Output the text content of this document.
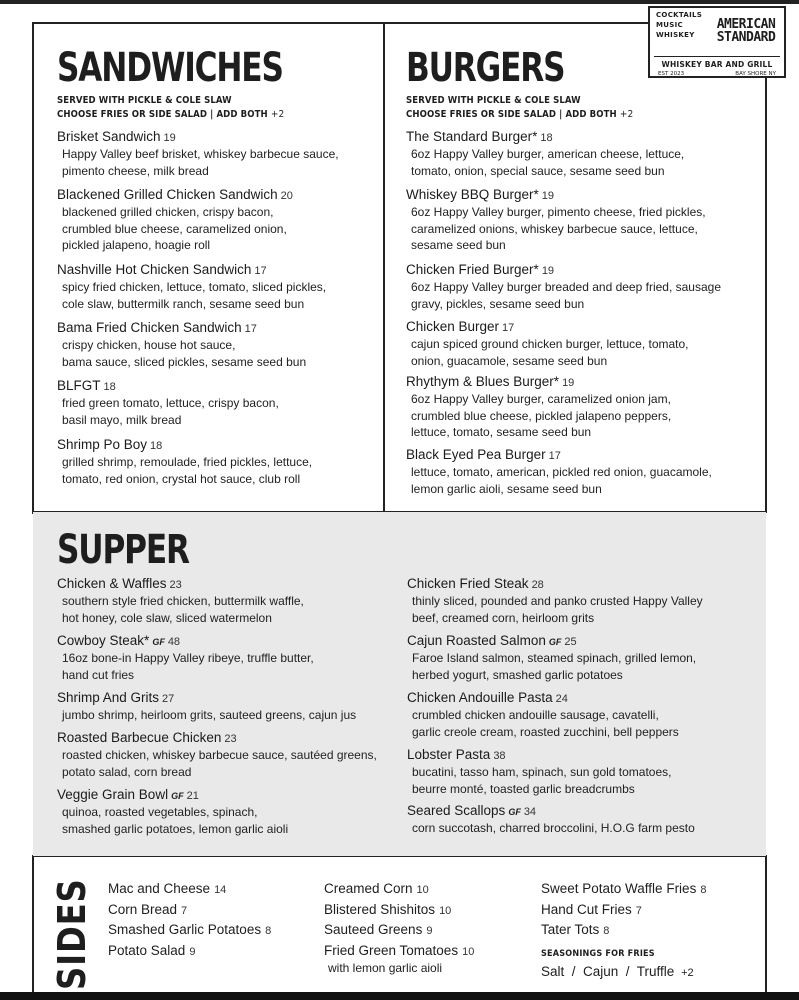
COCKTAILS
MUSIC
WHISKEY
AMERICAN
STANDARD
WHISKEY BAR AND GRILL
EST 2023	BAY SHORE NY
SANDWICHES
SERVED WITH PICKLE & COLE SLAW
CHOOSE FRIES OR SIDE SALAD | ADD BOTH +2
Brisket Sandwich 19
Happy Valley beef brisket, whiskey barbecue sauce,
pimento cheese, milk bread
Blackened Grilled Chicken Sandwich 20
blackened grilled chicken, crispy bacon,
crumbled blue cheese, caramelized onion,
pickled jalapeno, hoagie roll
Nashville Hot Chicken Sandwich 17
spicy fried chicken, lettuce, tomato, sliced pickles,
cole slaw, buttermilk ranch, sesame seed bun
Bama Fried Chicken Sandwich 17
crispy chicken, house hot sauce,
bama sauce, sliced pickles, sesame seed bun
BLFGT 18
fried green tomato, lettuce, crispy bacon,
basil mayo, milk bread
Shrimp Po Boy 18
grilled shrimp, remoulade, fried pickles, lettuce,
tomato, red onion, crystal hot sauce, club roll
BURGERS
SERVED WITH PICKLE & COLE SLAW
CHOOSE FRIES OR SIDE SALAD | ADD BOTH +2
The Standard Burger* 18
6oz Happy Valley burger, american cheese, lettuce,
tomato, onion, special sauce, sesame seed bun
Whiskey BBQ Burger* 19
6oz Happy Valley burger, pimento cheese, fried pickles,
caramelized onions, whiskey barbecue sauce, lettuce,
sesame seed bun
Chicken Fried Burger* 19
6oz Happy Valley burger breaded and deep fried, sausage
gravy, pickles, sesame seed bun
Chicken Burger 17
cajun spiced ground chicken burger, lettuce, tomato,
onion, guacamole, sesame seed bun
Rhythym & Blues Burger* 19
6oz Happy Valley burger, caramelized onion jam,
crumbled blue cheese, pickled jalapeno peppers,
lettuce, tomato, sesame seed bun
Black Eyed Pea Burger 17
lettuce, tomato, american, pickled red onion, guacamole,
lemon garlic aioli, sesame seed bun
SUPPER
Chicken & Waffles 23
southern style fried chicken, buttermilk waffle,
hot honey, cole slaw, sliced watermelon
Cowboy Steak* GF 48
16oz bone-in Happy Valley ribeye, truffle butter,
hand cut fries
Shrimp And Grits 27
jumbo shrimp, heirloom grits, sauteed greens, cajun jus
Roasted Barbecue Chicken 23
roasted chicken, whiskey barbecue sauce, sautéed greens,
potato salad, corn bread
Veggie Grain Bowl GF 21
quinoa, roasted vegetables, spinach,
smashed garlic potatoes, lemon garlic aioli
Chicken Fried Steak 28
thinly sliced, pounded and panko crusted Happy Valley
beef, creamed corn, heirloom grits
Cajun Roasted Salmon GF 25
Faroe Island salmon, steamed spinach, grilled lemon,
herbed yogurt, smashed garlic potatoes
Chicken Andouille Pasta 24
crumbled chicken andouille sausage, cavatelli,
garlic creole cream, roasted zucchini, bell peppers
Lobster Pasta 38
bucatini, tasso ham, spinach, sun gold tomatoes,
beurre monté, toasted garlic breadcrumbs
Seared Scallops GF 34
corn succotash, charred broccolini, H.O.G farm pesto
SIDES Mac and Cheese 14
Corn Bread 7
Smashed Garlic Potatoes 8
Potato Salad 9
Creamed Corn 10
Blistered Shishitos 10
Sauteed Greens 9
Fried Green Tomatoes 10
Sweet Potato Waffle Fries 8
Hand Cut Fries 7
Tater Tots 8
with lemon garlic aioli
SEASONINGS FOR FRIES
Salt  /  Cajun  /  Truffle +2
